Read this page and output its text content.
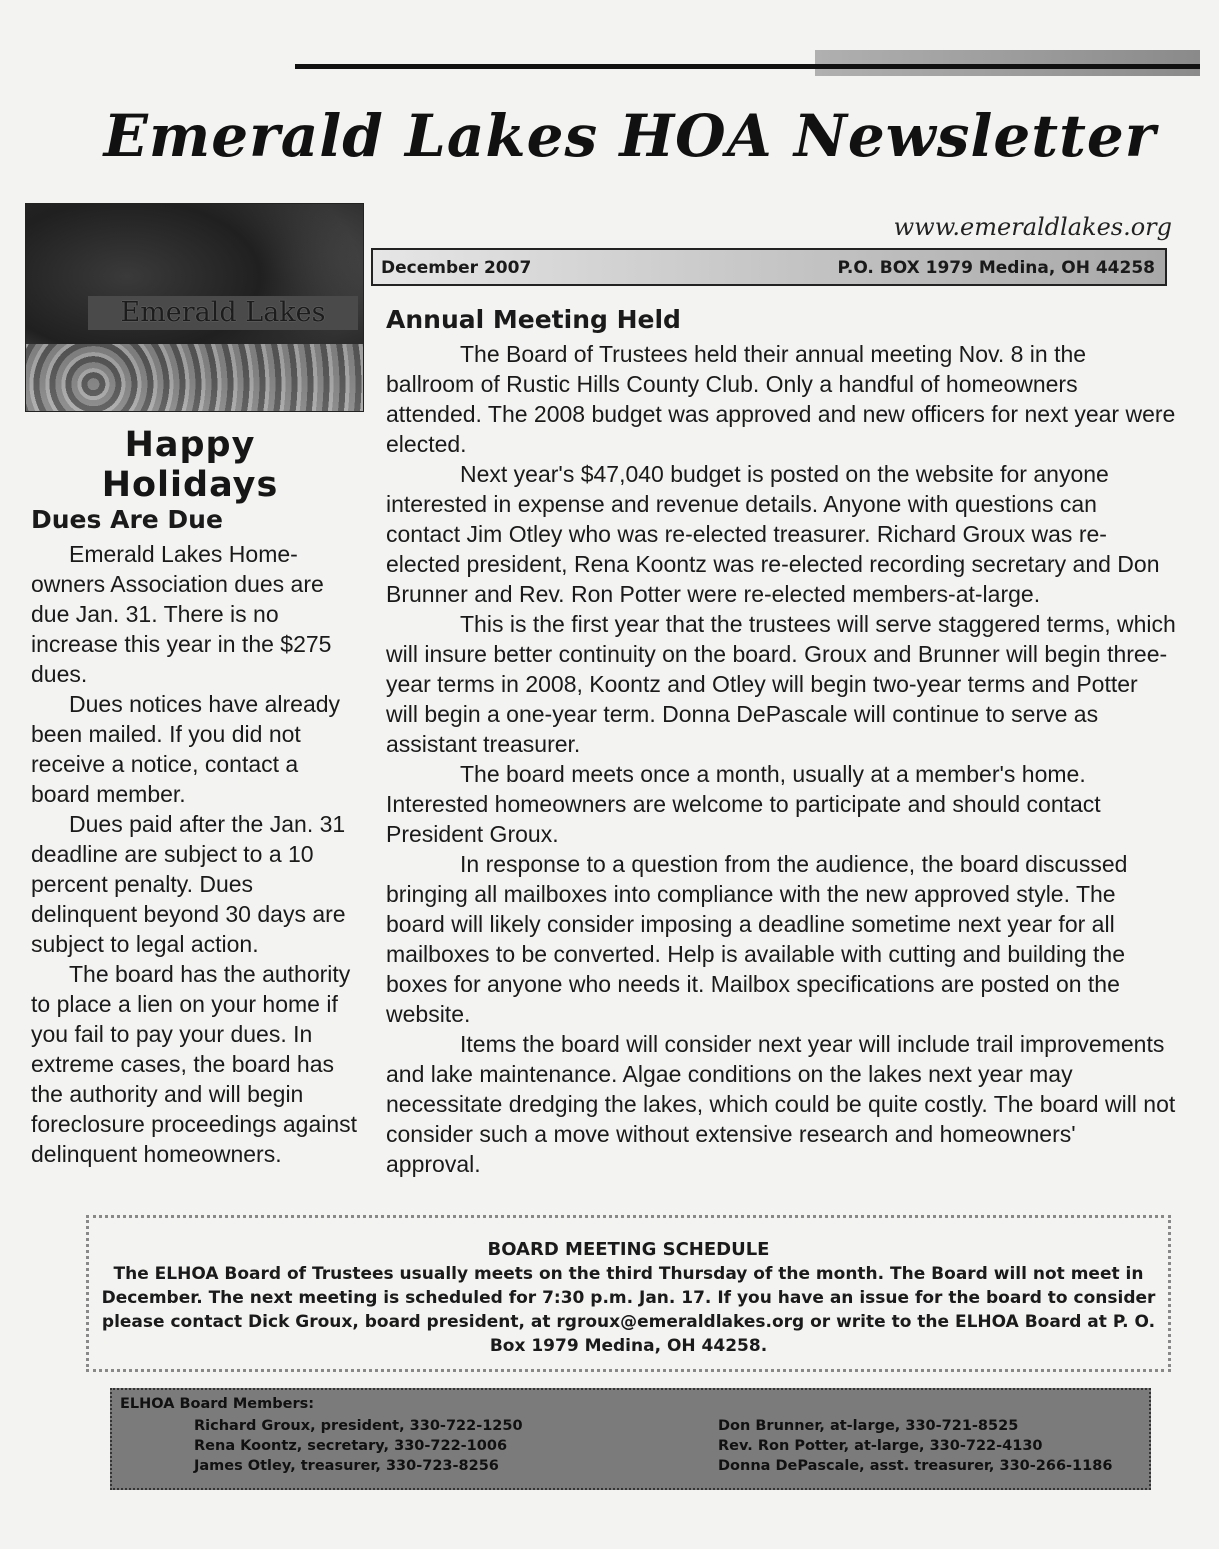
Emerald Lakes HOA Newsletter
Emerald Lakes
Happy Holidays
www.emeraldlakes.org
December 2007	P.O. BOX 1979 Medina, OH 44258
Dues Are Due

Emerald Lakes Home-owners Association dues are due Jan. 31. There is no increase this year in the $275 dues.

Dues notices have already been mailed. If you did not receive a notice, contact a board member.

Dues paid after the Jan. 31 deadline are subject to a 10 percent penalty. Dues delinquent beyond 30 days are subject to legal action.

The board has the authority to place a lien on your home if you fail to pay your dues. In extreme cases, the board has the authority and will begin foreclosure proceedings against delinquent homeowners.

Annual Meeting Held

The Board of Trustees held their annual meeting Nov. 8 in the ballroom of Rustic Hills County Club. Only a handful of homeowners attended. The 2008 budget was approved and new officers for next year were elected.

Next year's $47,040 budget is posted on the website for anyone interested in expense and revenue details. Anyone with questions can contact Jim Otley who was re-elected treasurer. Richard Groux was re-elected president, Rena Koontz was re-elected recording secretary and Don Brunner and Rev. Ron Potter were re-elected members-at-large.

This is the first year that the trustees will serve staggered terms, which will insure better continuity on the board. Groux and Brunner will begin three-year terms in 2008, Koontz and Otley will begin two-year terms and Potter will begin a one-year term. Donna DePascale will continue to serve as assistant treasurer.

The board meets once a month, usually at a member's home. Interested homeowners are welcome to participate and should contact President Groux.

In response to a question from the audience, the board discussed bringing all mailboxes into compliance with the new approved style. The board will likely consider imposing a deadline sometime next year for all mailboxes to be converted. Help is available with cutting and building the boxes for anyone who needs it. Mailbox specifications are posted on the website.

Items the board will consider next year will include trail improvements and lake maintenance. Algae conditions on the lakes next year may necessitate dredging the lakes, which could be quite costly. The board will not consider such a move without extensive research and homeowners' approval.

BOARD MEETING SCHEDULE
The ELHOA Board of Trustees usually meets on the third Thursday of the month. The Board will not meet in December. The next meeting is scheduled for 7:30 p.m. Jan. 17. If you have an issue for the board to consider please contact Dick Groux, board president, at rgroux@emeraldlakes.org or write to the ELHOA Board at P. O. Box 1979 Medina, OH 44258.
ELHOA Board Members:
Richard Groux, president, 330-722-1250
Rena Koontz, secretary, 330-722-1006
James Otley, treasurer, 330-723-8256
Don Brunner, at-large, 330-721-8525
Rev. Ron Potter, at-large, 330-722-4130
Donna DePascale, asst. treasurer, 330-266-1186
